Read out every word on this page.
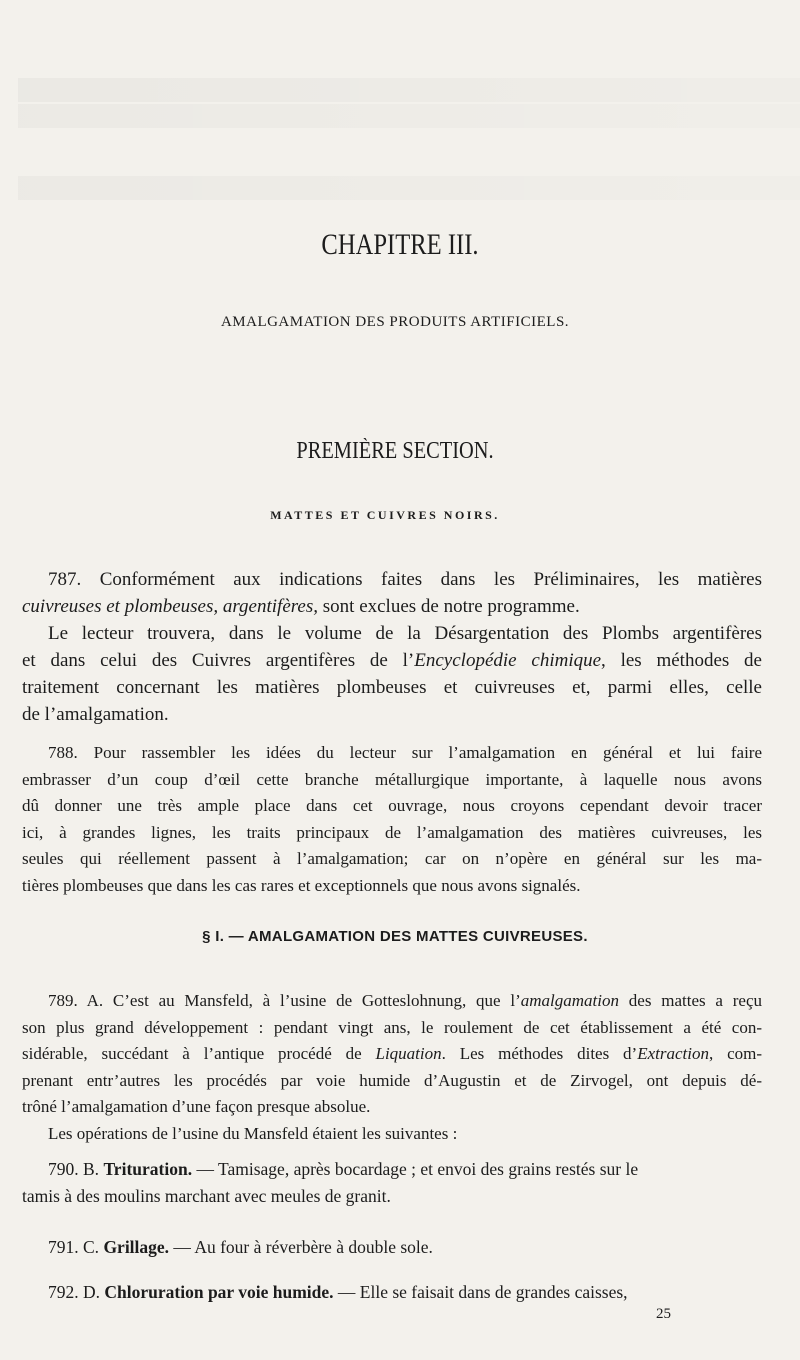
CHAPITRE III.
AMALGAMATION DES PRODUITS ARTIFICIELS.
PREMIÈRE SECTION.
MATTES ET CUIVRES NOIRS.
787. Conformément aux indications faites dans les Préliminaires, les matières
cuivreuses et plombeuses, argentifères, sont exclues de notre programme.
Le lecteur trouvera, dans le volume de la Désargentation des Plombs argentifères
et dans celui des Cuivres argentifères de l’Encyclopédie chimique, les méthodes de
traitement concernant les matières plombeuses et cuivreuses et, parmi elles, celle
de l’amalgamation.
788. Pour rassembler les idées du lecteur sur l’amalgamation en général et lui faire
embrasser d’un coup d’œil cette branche métallurgique importante, à laquelle nous avons
dû donner une très ample place dans cet ouvrage, nous croyons cependant devoir tracer
ici, à grandes lignes, les traits principaux de l’amalgamation des matières cuivreuses, les
seules qui réellement passent à l’amalgamation; car on n’opère en général sur les ma-
tières plombeuses que dans les cas rares et exceptionnels que nous avons signalés.
§ I. — AMALGAMATION DES MATTES CUIVREUSES.
789. A. C’est au Mansfeld, à l’usine de Gotteslohnung, que l’amalgamation des mattes a reçu
son plus grand développement : pendant vingt ans, le roulement de cet établissement a été con-
sidérable, succédant à l’antique procédé de Liquation. Les méthodes dites d’Extraction, com-
prenant entr’autres les procédés par voie humide d’Augustin et de Zirvogel, ont depuis dé-
trôné l’amalgamation d’une façon presque absolue.
Les opérations de l’usine du Mansfeld étaient les suivantes :
790. B. Trituration. — Tamisage, après bocardage ; et envoi des grains restés sur le
tamis à des moulins marchant avec meules de granit.
791. C. Grillage. — Au four à réverbère à double sole.
792. D. Chloruration par voie humide. — Elle se faisait dans de grandes caisses,
25
